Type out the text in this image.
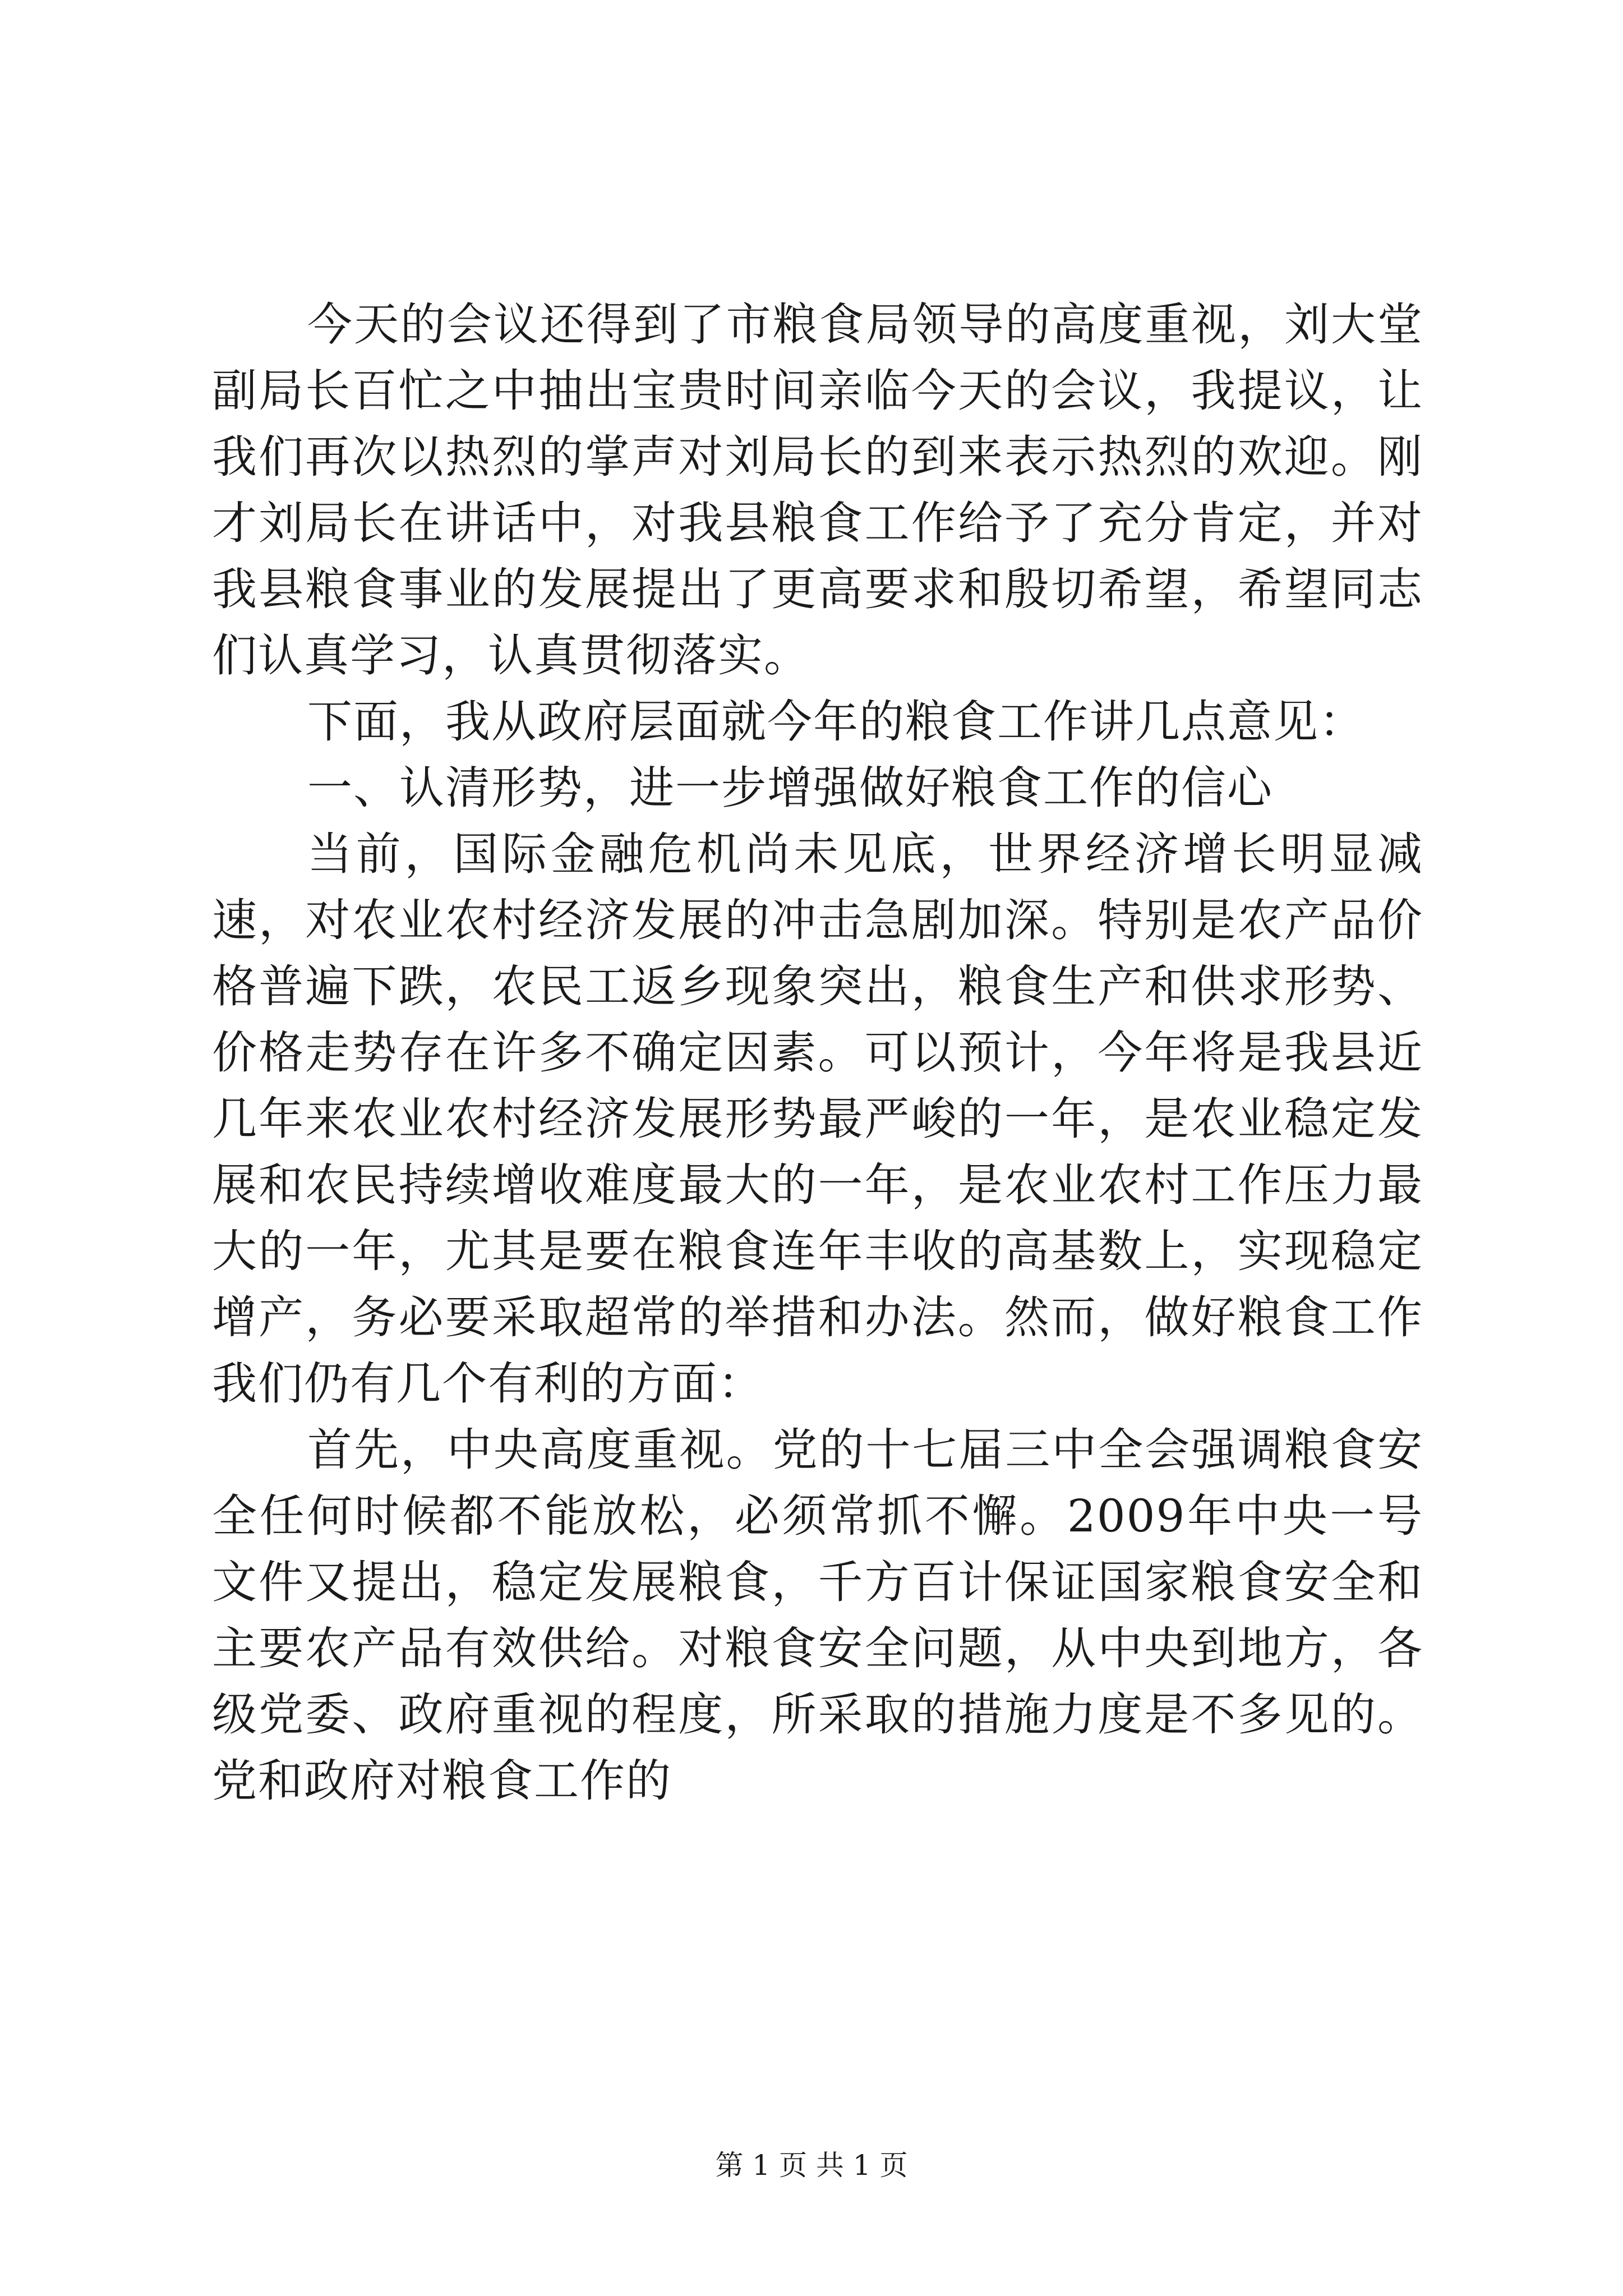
今天的会议还得到了市粮食局领导的高度重视，刘大堂副局长百忙之中抽出宝贵时间亲临今天的会议，我提议，让我们再次以热烈的掌声对刘局长的到来表示热烈的欢迎。刚才刘局长在讲话中，对我县粮食工作给予了充分肯定，并对我县粮食事业的发展提出了更高要求和殷切希望，希望同志们认真学习，认真贯彻落实。

下面，我从政府层面就今年的粮食工作讲几点意见：

一、认清形势，进一步增强做好粮食工作的信心

当前，国际金融危机尚未见底，世界经济增长明显减速，对农业农村经济发展的冲击急剧加深。特别是农产品价格普遍下跌，农民工返乡现象突出，粮食生产和供求形势、价格走势存在许多不确定因素。可以预计，今年将是我县近几年来农业农村经济发展形势最严峻的一年，是农业稳定发展和农民持续增收难度最大的一年，是农业农村工作压力最大的一年，尤其是要在粮食连年丰收的高基数上，实现稳定增产，务必要采取超常的举措和办法。然而，做好粮食工作我们仍有几个有利的方面：

首先，中央高度重视。党的十七届三中全会强调粮食安全任何时候都不能放松，必须常抓不懈。2009年中央一号文件又提出，稳定发展粮食，千方百计保证国家粮食安全和主要农产品有效供给。对粮食安全问题，从中央到地方，各级党委、政府重视的程度，所采取的措施力度是不多见的。党和政府对粮食工作的

第 1 页 共 1 页
